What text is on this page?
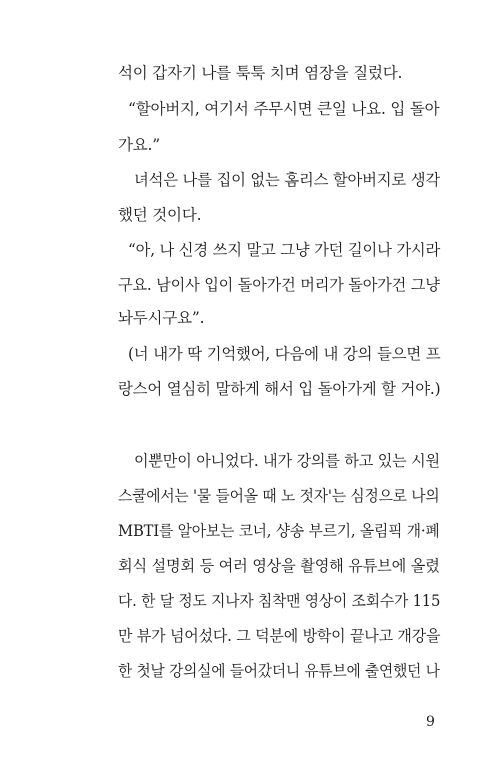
석이 갑자기 나를 툭툭 치며 염장을 질렀다.
“할아버지, 여기서 주무시면 큰일 나요. 입 돌아
가요.”
녀석은 나를 집이 없는 홈리스 할아버지로 생각
했던 것이다.
“아, 나 신경 쓰지 말고 그냥 가던 길이나 가시라
구요. 남이사 입이 돌아가건 머리가 돌아가건 그냥
놔두시구요”.
(너 내가 딱 기억했어, 다음에 내 강의 들으면 프
랑스어 열심히 말하게 해서 입 돌아가게 할 거야.)
이뿐만이 아니었다. 내가 강의를 하고 있는 시원
스쿨에서는 '물 들어올 때 노 젓자'는 심정으로 나의
MBTI를 알아보는 코너, 샹송 부르기, 올림픽 개·폐
회식 설명회 등 여러 영상을 촬영해 유튜브에 올렸
다. 한 달 정도 지나자 침착맨 영상이 조회수가 115
만 뷰가 넘어섰다. 그 덕분에 방학이 끝나고 개강을
한 첫날 강의실에 들어갔더니 유튜브에 출연했던 나
9
